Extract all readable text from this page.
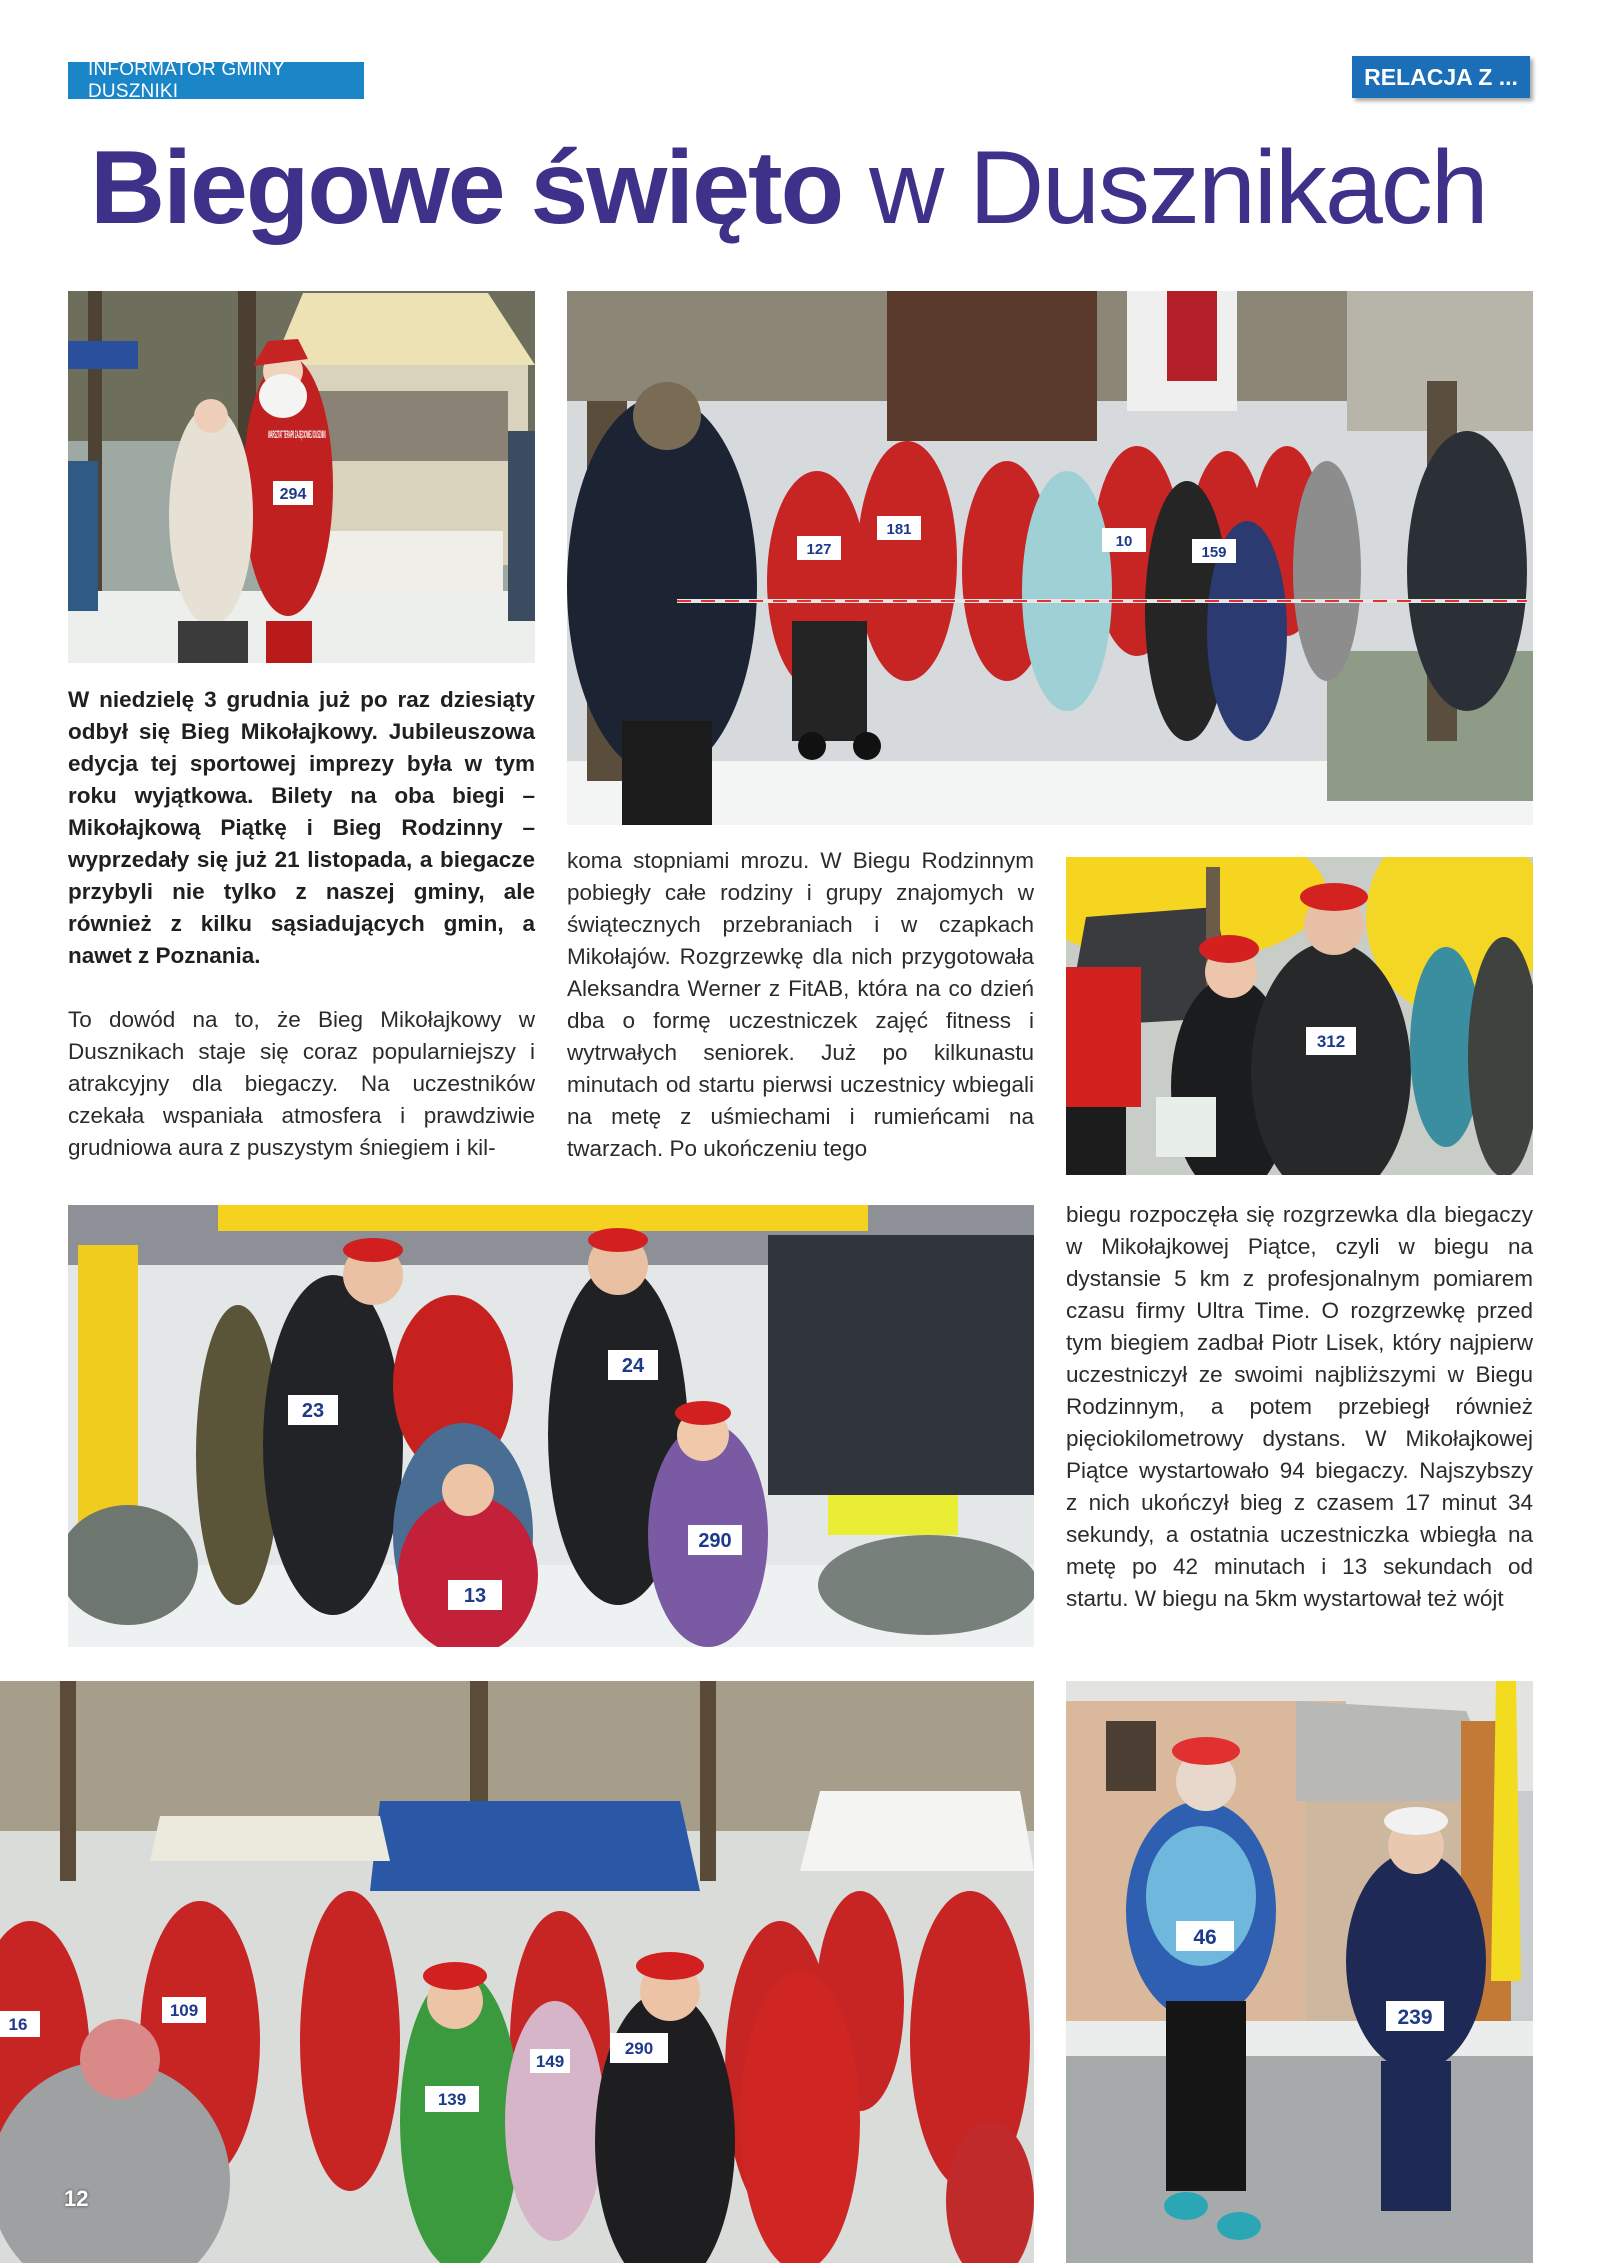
INFORMATOR GMINY DUSZNIKI
RELACJA Z ...
Biegowe święto w Dusznikach
WARSZTAT TERAPII ZAJĘCIOWEJ DUSZNIKI
294
127
181
10
159

W niedzielę 3 grudnia już po raz dziesiąty odbył się Bieg Mikołajkowy. Jubileuszowa edycja tej sportowej imprezy była w tym roku wyjątkowa. Bilety na oba biegi – Mikołajkową Piątkę i Bieg Rodzinny – wyprzedały się już 21 listopada, a biegacze przybyli nie tylko z naszej gminy, ale również z kilku sąsiadujących gmin, a nawet z Poznania.

To dowód na to, że Bieg Mikołajkowy w Dusznikach staje się coraz popularniejszy i atrakcyjny dla biegaczy. Na uczestników czekała wspaniała atmosfera i prawdziwie grudniowa aura z puszystym śniegiem i kil-

koma stopniami mrozu. W Biegu Rodzinnym pobiegły całe rodziny i grupy znajomych w świątecznych przebraniach i w czapkach Mikołajów. Rozgrzewkę dla nich przygotowała Aleksandra Werner z FitAB, która na co dzień dba o formę uczestniczek zajęć fitness i wytrwałych seniorek. Już po kilkunastu minutach od startu pierwsi uczestnicy wbiegali na metę z uśmiechami i rumieńcami na twarzach. Po ukończeniu tego

312
23
24
13
290

biegu rozpoczęła się rozgrzewka dla biegaczy w Mikołajkowej Piątce, czyli w biegu na dystansie 5 km z profesjonalnym pomiarem czasu firmy Ultra Time. O rozgrzewkę przed tym biegiem zadbał Piotr Lisek, który najpierw uczestniczył ze swoimi najbliższymi w Biegu Rodzinnym, a potem przebiegł również pięciokilometrowy dystans. W Mikołajkowej Piątce wystartowało 94 biegaczy. Najszybszy z nich ukończył bieg z czasem 17 minut 34 sekundy, a ostatnia uczestniczka wbiegła na metę po 42 minutach i 13 sekundach od startu. W biegu na 5km wystartował też wójt

16
109
149
139
290
46
239
12
